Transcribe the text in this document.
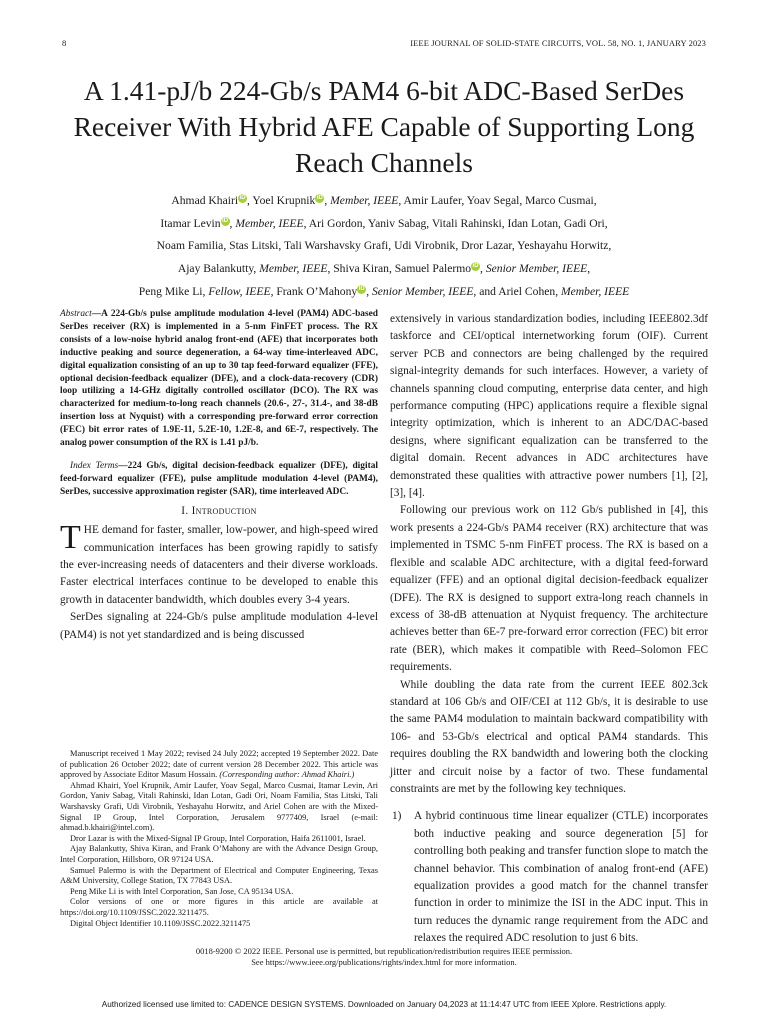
8	IEEE JOURNAL OF SOLID-STATE CIRCUITS, VOL. 58, NO. 1, JANUARY 2023
A 1.41-pJ/b 224-Gb/s PAM4 6-bit ADC-Based SerDes Receiver With Hybrid AFE Capable of Supporting Long Reach Channels
Ahmad Khairi iD , Yoel Krupnik iD , Member, IEEE, Amir Laufer, Yoav Segal, Marco Cusmai,
Itamar Levin iD , Member, IEEE, Ari Gordon, Yaniv Sabag, Vitali Rahinski, Idan Lotan, Gadi Ori,
Noam Familia, Stas Litski, Tali Warshavsky Grafi, Udi Virobnik, Dror Lazar, Yeshayahu Horwitz,
Ajay Balankutty, Member, IEEE, Shiva Kiran, Samuel Palermo iD , Senior Member, IEEE,
Peng Mike Li, Fellow, IEEE, Frank O’Mahony iD , Senior Member, IEEE, and Ariel Cohen, Member, IEEE
Abstract—A 224-Gb/s pulse amplitude modulation 4-level (PAM4) ADC-based SerDes receiver (RX) is implemented in a 5-nm FinFET process. The RX consists of a low-noise hybrid analog front-end (AFE) that incorporates both inductive peaking and source degeneration, a 64-way time-interleaved ADC, digital equalization consisting of an up to 30 tap feed-forward equalizer (FFE), optional decision-feedback equalizer (DFE), and a clock-data-recovery (CDR) loop utilizing a 14-GHz digitally controlled oscillator (DCO). The RX was characterized for medium-to-long reach channels (20.6-, 27-, 31.4-, and 38-dB insertion loss at Nyquist) with a corresponding pre-forward error correction (FEC) bit error rates of 1.9E-11, 5.2E-10, 1.2E-8, and 6E-7, respectively. The analog power consumption of the RX is 1.41 pJ/b.
Index Terms—224 Gb/s, digital decision-feedback equalizer (DFE), digital feed-forward equalizer (FFE), pulse amplitude modulation 4-level (PAM4), SerDes, successive approximation register (SAR), time interleaved ADC.
I. Introduction

THE demand for faster, smaller, low-power, and high-speed wired communication interfaces has been growing rapidly to satisfy the ever-increasing needs of datacenters and their diverse workloads. Faster electrical interfaces continue to be developed to enable this growth in datacenter bandwidth, which doubles every 3-4 years.

SerDes signaling at 224-Gb/s pulse amplitude modulation 4-level (PAM4) is not yet standardized and is being discussed

Manuscript received 1 May 2022; revised 24 July 2022; accepted 19 September 2022. Date of publication 26 October 2022; date of current version 28 December 2022. This article was approved by Associate Editor Masum Hossain. (Corresponding author: Ahmad Khairi.)

Ahmad Khairi, Yoel Krupnik, Amir Laufer, Yoav Segal, Marco Cusmai, Itamar Levin, Ari Gordon, Yaniv Sabag, Vitali Rahinski, Idan Lotan, Gadi Ori, Noam Familia, Stas Litski, Tali Warshavsky Grafi, Udi Virobnik, Yeshayahu Horwitz, and Ariel Cohen are with the Mixed-Signal IP Group, Intel Corporation, Jerusalem 9777409, Israel (e-mail: ahmad.b.khairi@intel.com).

Dror Lazar is with the Mixed-Signal IP Group, Intel Corporation, Haifa 2611001, Israel.

Ajay Balankutty, Shiva Kiran, and Frank O’Mahony are with the Advance Design Group, Intel Corporation, Hillsboro, OR 97124 USA.

Samuel Palermo is with the Department of Electrical and Computer Engineering, Texas A&M University, College Station, TX 77843 USA.

Peng Mike Li is with Intel Corporation, San Jose, CA 95134 USA.

Color versions of one or more figures in this article are available at https://doi.org/10.1109/JSSC.2022.3211475.

Digital Object Identifier 10.1109/JSSC.2022.3211475

extensively in various standardization bodies, including IEEE802.3df taskforce and CEI/optical internetworking forum (OIF). Current server PCB and connectors are being challenged by the required signal-integrity demands for such interfaces. However, a variety of channels spanning cloud computing, enterprise data center, and high performance computing (HPC) applications require a flexible signal integrity optimization, which is inherent to an ADC/DAC-based designs, where significant equalization can be transferred to the digital domain. Recent advances in ADC architectures have demonstrated these qualities with attractive power numbers [1], [2], [3], [4].

Following our previous work on 112 Gb/s published in [4], this work presents a 224-Gb/s PAM4 receiver (RX) architecture that was implemented in TSMC 5-nm FinFET process. The RX is based on a flexible and scalable ADC architecture, with a digital feed-forward equalizer (FFE) and an optional digital decision-feedback equalizer (DFE). The RX is designed to support extra-long reach channels in excess of 38-dB attenuation at Nyquist frequency. The architecture achieves better than 6E-7 pre-forward error correction (FEC) bit error rate (BER), which makes it compatible with Reed–Solomon FEC requirements.

While doubling the data rate from the current IEEE 802.3ck standard at 106 Gb/s and OIF/CEI at 112 Gb/s, it is desirable to use the same PAM4 modulation to maintain backward compatibility with 106- and 53-Gb/s electrical and optical PAM4 standards. This requires doubling the RX bandwidth and lowering both the clocking jitter and circuit noise by a factor of two. These fundamental constraints are met by the following key techniques.

1)	A hybrid continuous time linear equalizer (CTLE) incorporates both inductive peaking and source degeneration [5] for controlling both peaking and transfer function slope to match the channel behavior. This combination of analog front-end (AFE) equalization provides a good match for the channel transfer function in order to minimize the ISI in the ADC input. This in turn reduces the dynamic range requirement from the ADC and relaxes the required ADC resolution to just 6 bits.
0018-9200 © 2022 IEEE. Personal use is permitted, but republication/redistribution requires IEEE permission.
See https://www.ieee.org/publications/rights/index.html for more information.
Authorized licensed use limited to: CADENCE DESIGN SYSTEMS. Downloaded on January 04,2023 at 11:14:47 UTC from IEEE Xplore. Restrictions apply.
